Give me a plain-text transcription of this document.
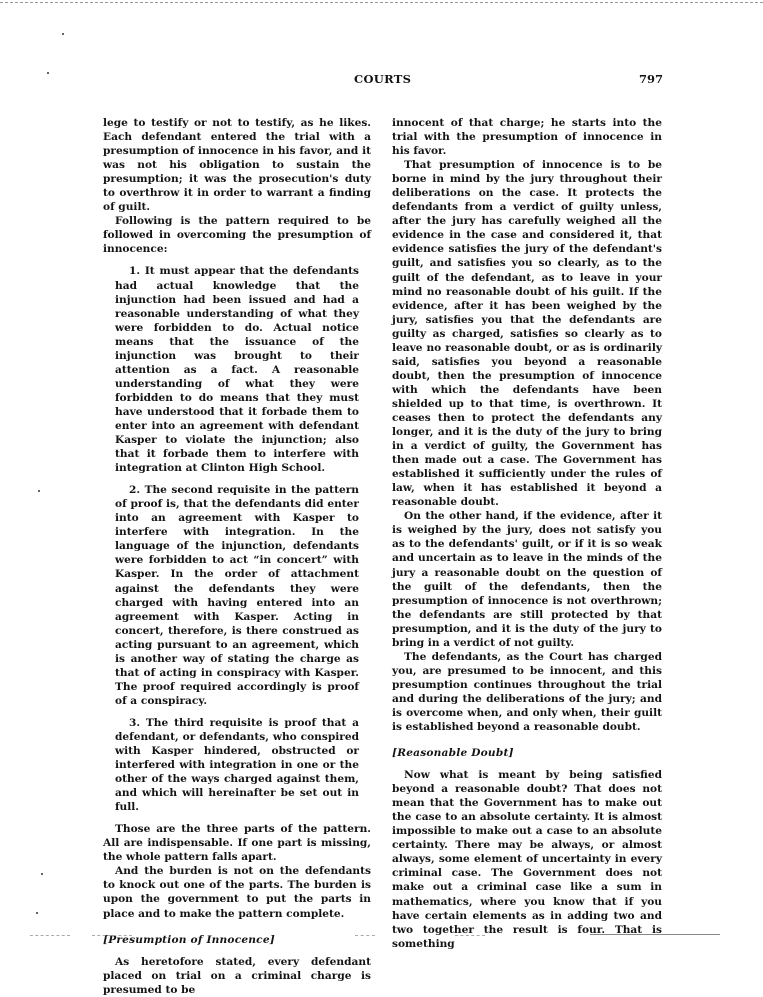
COURTS	797

lege to testify or not to testify, as he likes. Each defendant entered the trial with a presumption of innocence in his favor, and it was not his obligation to sustain the presumption; it was the prosecution's duty to overthrow it in order to warrant a finding of guilt.

Following is the pattern required to be followed in overcoming the presumption of innocence:

1. It must appear that the defendants had actual knowledge that the injunction had been issued and had a reasonable understanding of what they were forbidden to do. Actual notice means that the issuance of the injunction was brought to their attention as a fact. A reasonable understanding of what they were forbidden to do means that they must have understood that it forbade them to enter into an agreement with defendant Kasper to violate the injunction; also that it forbade them to interfere with integration at Clinton High School.

2. The second requisite in the pattern of proof is, that the defendants did enter into an agreement with Kasper to interfere with integration. In the language of the injunction, defendants were forbidden to act “in concert” with Kasper. In the order of attachment against the defendants they were charged with having entered into an agreement with Kasper. Acting in concert, therefore, is there construed as acting pursuant to an agreement, which is another way of stating the charge as that of acting in conspiracy with Kasper. The proof required accordingly is proof of a conspiracy.

3. The third requisite is proof that a defendant, or defendants, who conspired with Kasper hindered, obstructed or interfered with integration in one or the other of the ways charged against them, and which will hereinafter be set out in full.

Those are the three parts of the pattern. All are indispensable. If one part is missing, the whole pattern falls apart.

And the burden is not on the defendants to knock out one of the parts. The burden is upon the government to put the parts in place and to make the pattern complete.

[Presumption of Innocence]

As heretofore stated, every defendant placed on trial on a criminal charge is presumed to be

innocent of that charge; he starts into the trial with the presumption of innocence in his favor.

That presumption of innocence is to be borne in mind by the jury throughout their deliberations on the case. It protects the defendants from a verdict of guilty unless, after the jury has carefully weighed all the evidence in the case and considered it, that evidence satisfies the jury of the defendant's guilt, and satisfies you so clearly, as to the guilt of the defendant, as to leave in your mind no reasonable doubt of his guilt. If the evidence, after it has been weighed by the jury, satisfies you that the defendants are guilty as charged, satisfies so clearly as to leave no reasonable doubt, or as is ordinarily said, satisfies you beyond a reasonable doubt, then the presumption of innocence with which the defendants have been shielded up to that time, is overthrown. It ceases then to protect the defendants any longer, and it is the duty of the jury to bring in a verdict of guilty, the Government has then made out a case. The Government has established it sufficiently under the rules of law, when it has established it beyond a reasonable doubt.

On the other hand, if the evidence, after it is weighed by the jury, does not satisfy you as to the defendants' guilt, or if it is so weak and uncertain as to leave in the minds of the jury a reasonable doubt on the question of the guilt of the defendants, then the presumption of innocence is not overthrown; the defendants are still protected by that presumption, and it is the duty of the jury to bring in a verdict of not guilty.

The defendants, as the Court has charged you, are presumed to be innocent, and this presumption continues throughout the trial and during the deliberations of the jury; and is overcome when, and only when, their guilt is established beyond a reasonable doubt.

[Reasonable Doubt]

Now what is meant by being satisfied beyond a reasonable doubt? That does not mean that the Government has to make out the case to an absolute certainty. It is almost impossible to make out a case to an absolute certainty. There may be always, or almost always, some element of uncertainty in every criminal case. The Government does not make out a criminal case like a sum in mathematics, where you know that if you have certain elements as in adding two and two together the result is four. That is something
